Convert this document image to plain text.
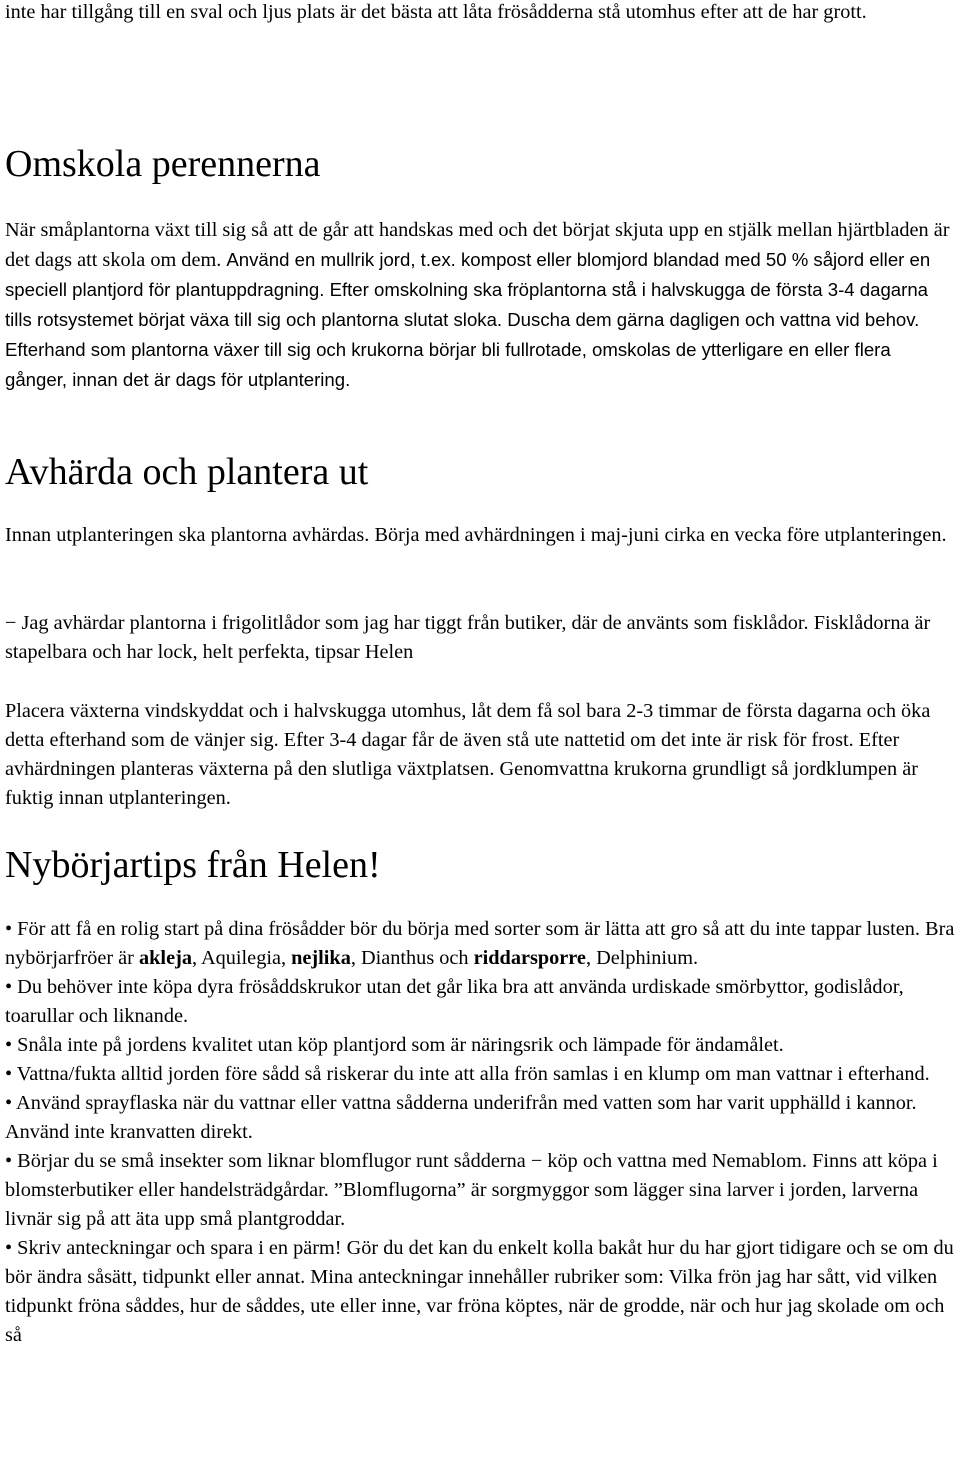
inte har tillgång till en sval och ljus plats är det bästa att låta frösådderna stå utomhus efter att de har grott.

Omskola perennerna

När småplantorna växt till sig så att de går att handskas med och det börjat skjuta upp en stjälk mellan hjärtbladen är det dags att skola om dem. Använd en mullrik jord, t.ex. kompost eller blomjord blandad med 50 % såjord eller en speciell plantjord för plantuppdragning. Efter omskolning ska fröplantorna stå i halvskugga de första 3-4 dagarna tills rotsystemet börjat växa till sig och plantorna slutat sloka. Duscha dem gärna dagligen och vattna vid behov. Efterhand som plantorna växer till sig och krukorna börjar bli fullrotade, omskolas de ytterligare en eller flera gånger, innan det är dags för utplantering.

Avhärda och plantera ut

Innan utplanteringen ska plantorna avhärdas. Börja med avhärdningen i maj-juni cirka en vecka före utplanteringen.

− Jag avhärdar plantorna i frigolitlådor som jag har tiggt från butiker, där de använts som fisklådor. Fisklådorna är stapelbara och har lock, helt perfekta, tipsar Helen

Placera växterna vindskyddat och i halvskugga utomhus, låt dem få sol bara 2-3 timmar de första dagarna och öka detta efterhand som de vänjer sig. Efter 3-4 dagar får de även stå ute nattetid om det inte är risk för frost. Efter avhärdningen planteras växterna på den slutliga växtplatsen. Genomvattna krukorna grundligt så jordklumpen är fuktig innan utplanteringen.

Nybörjartips från Helen!

• För att få en rolig start på dina frösådder bör du börja med sorter som är lätta att gro så att du inte tappar lusten. Bra nybörjarfröer är akleja, Aquilegia, nejlika, Dianthus och riddarsporre, Delphinium.
• Du behöver inte köpa dyra frösåddskrukor utan det går lika bra att använda urdiskade smörbyttor, godislådor, toarullar och liknande.
• Snåla inte på jordens kvalitet utan köp plantjord som är näringsrik och lämpade för ändamålet.
• Vattna/fukta alltid jorden före sådd så riskerar du inte att alla frön samlas i en klump om man vattnar i efterhand.
• Använd sprayflaska när du vattnar eller vattna sådderna underifrån med vatten som har varit upphälld i kannor. Använd inte kranvatten direkt.
• Börjar du se små insekter som liknar blomflugor runt sådderna − köp och vattna med Nemablom. Finns att köpa i blomsterbutiker eller handelsträdgårdar. ”Blomflugorna” är sorgmyggor som lägger sina larver i jorden, larverna livnär sig på att äta upp små plantgroddar.
• Skriv anteckningar och spara i en pärm! Gör du det kan du enkelt kolla bakåt hur du har gjort tidigare och se om du bör ändra såsätt, tidpunkt eller annat. Mina anteckningar innehåller rubriker som: Vilka frön jag har sått, vid vilken tidpunkt fröna såddes, hur de såddes, ute eller inne, var fröna köptes, när de grodde, när och hur jag skolade om och så
